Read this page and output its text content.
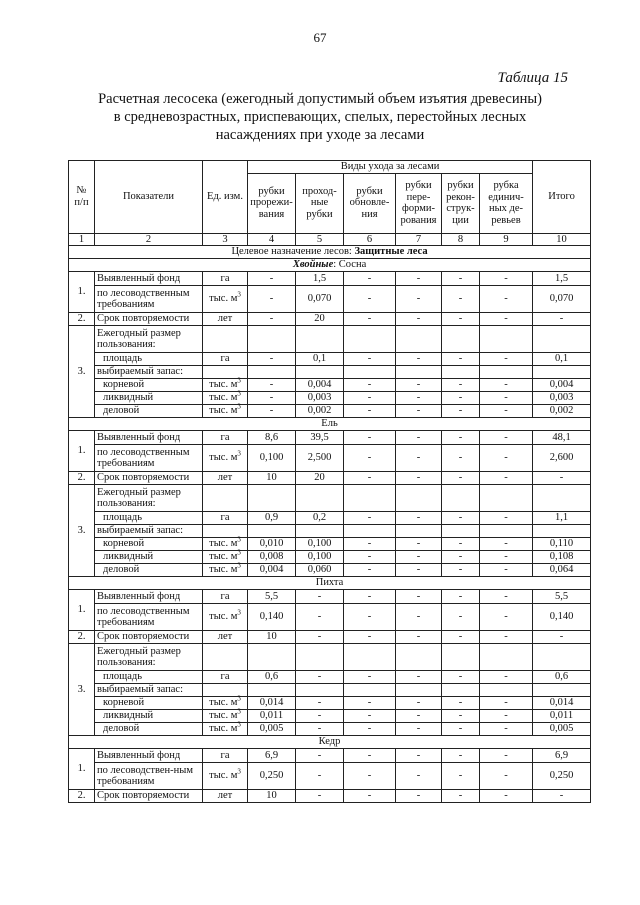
67
Таблица 15
Расчетная лесосека (ежегодный допустимый объем изъятия древесины)
в средневозрастных, приспевающих, спелых, перестойных лесных
насаждениях при уходе за лесами
№ п/п	Показатели	Ед. изм.	Виды ухода за лесами						Итого
			рубки прорежи-вания	проход-ные рубки	рубки обновле-ния	рубки пере-форми-рования	рубки рекон-струк-ции	рубка единич-ных де-ревьев	
1	2	3	4	5	6	7	8	9	10
Целевое назначение лесов: Защитные леса									
Хвойные: Сосна									
1.	Выявленный фонд	га	-	1,5	-	-	-	-	1,5
	по лесоводственным требованиям	тыс. $м^3$	-	0,070	-	-	-	-	0,070
2.	Срок повторяемости	лет	-	20	-	-	-	-	-
3.	Ежегодный размер пользования:								
	площадь	га	-	0,1	-	-	-	-	0,1
	выбираемый запас:								
	корневой	тыс. $м^3$	-	0,004	-	-	-	-	0,004
	ликвидный	тыс. $м^3$	-	0,003	-	-	-	-	0,003
	деловой	тыс. $м^3$	-	0,002	-	-	-	-	0,002
Ель									
1.	Выявленный фонд	га	8,6	39,5	-	-	-	-	48,1
	по лесоводственным требованиям	тыс. $м^3$	0,100	2,500	-	-	-	-	2,600
2.	Срок повторяемости	лет	10	20	-	-	-	-	-
3.	Ежегодный размер пользования:								
	площадь	га	0,9	0,2	-	-	-	-	1,1
	выбираемый запас:								
	корневой	тыс. $м^3$	0,010	0,100	-	-	-	-	0,110
	ликвидный	тыс. $м^3$	0,008	0,100	-	-	-	-	0,108
	деловой	тыс. $м^3$	0,004	0,060	-	-	-	-	0,064
Пихта									
1.	Выявленный фонд	га	5,5	-	-	-	-	-	5,5
	по лесоводственным требованиям	тыс. $м^3$	0,140	-	-	-	-	-	0,140
2.	Срок повторяемости	лет	10	-	-	-	-	-	-
3.	Ежегодный размер пользования:								
	площадь	га	0,6	-	-	-	-	-	0,6
	выбираемый запас:								
	корневой	тыс. $м^3$	0,014	-	-	-	-	-	0,014
	ликвидный	тыс. $м^3$	0,011	-	-	-	-	-	0,011
	деловой	тыс. $м^3$	0,005	-	-	-	-	-	0,005
Кедр									
1.	Выявленный фонд	га	6,9	-	-	-	-	-	6,9
	по лесоводствен-ным требованиям	тыс. $м^3$	0,250	-	-	-	-	-	0,250
2.	Срок повторяемости	лет	10	-	-	-	-	-	-
